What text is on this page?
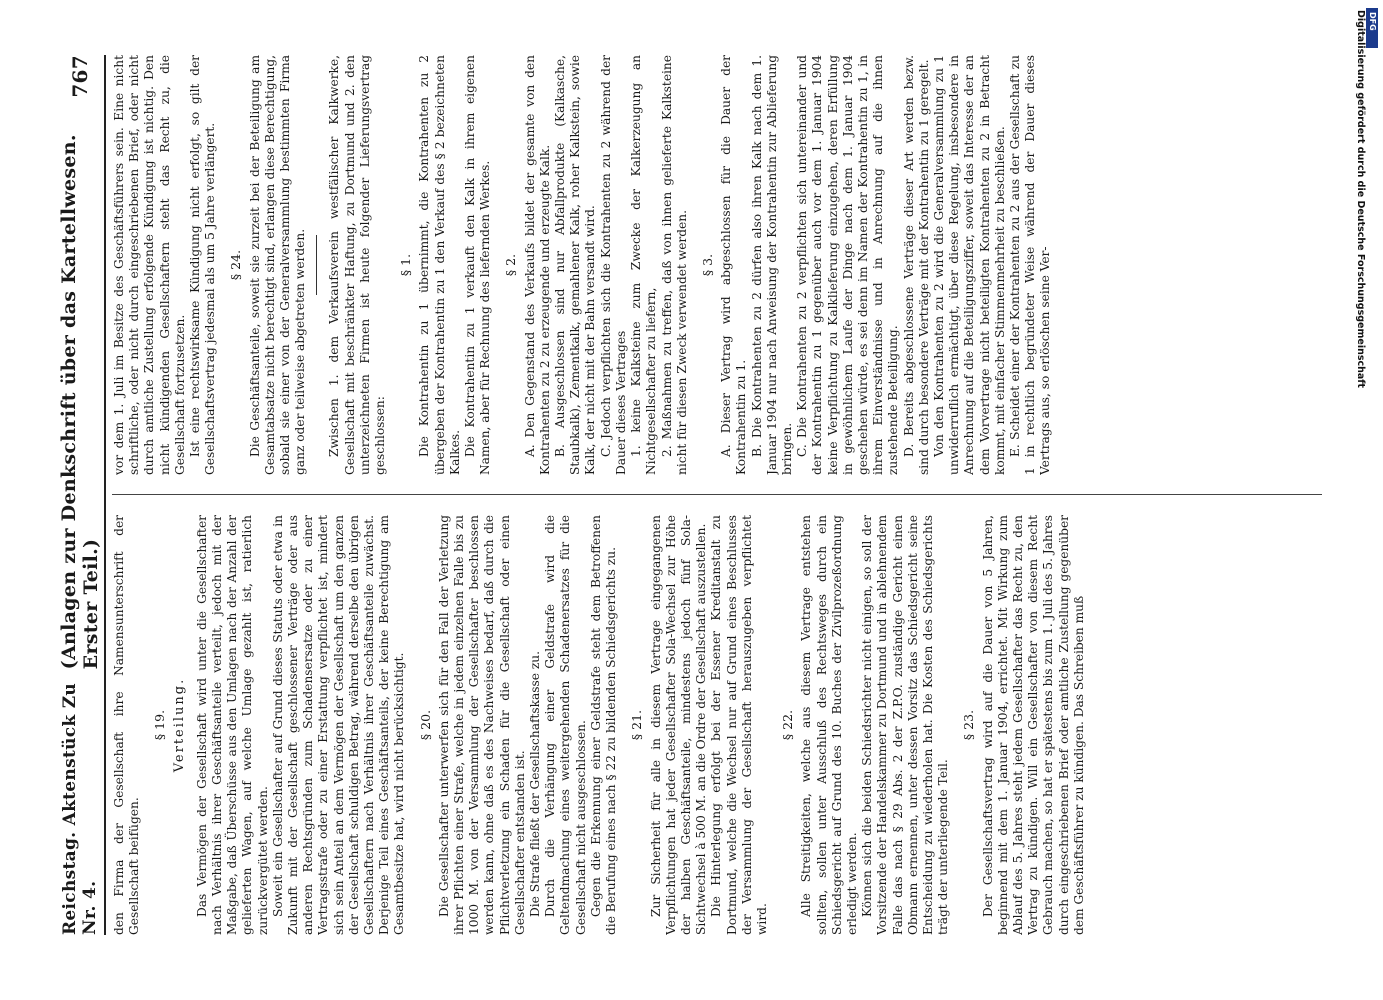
Reichstag. Aktenstück Zu Nr. 4.
(Anlagen zur Denkschrift über das Kartellwesen. Erster Teil.)
767

den Firma der Gesellschaft ihre Namensunterschrift der Gesellschaft beifügen.

§ 19. Verteilung. Das Vermögen der Gesellschaft wird unter die Gesellschafter nach Verhältnis ihrer Geschäftsanteile verteilt, jedoch mit der Maßgabe, daß Überschüsse aus den Umlagen nach der Anzahl der gelieferten Wagen, auf welche Umlage gezahlt ist, ratierlich zurückvergütet werden. Soweit ein Gesellschafter auf Grund dieses Statuts oder etwa in Zukunft mit der Gesellschaft geschlossener Verträge oder aus anderen Rechtsgründen zum Schadensersatze oder zu einer Vertragsstrafe oder zu einer Erstattung verpflichtet ist, mindert sich sein Anteil an dem Vermögen der Gesellschaft um den ganzen der Gesellschaft schuldigen Betrag, während derselbe den übrigen Gesellschaftern nach Verhältnis ihrer Geschäftsanteile zuwächst. Derjenige Teil eines Geschäftsanteils, der keine Berechtigung am Gesamtbesitze hat, wird nicht berücksichtigt. § 20. Die Gesellschafter unterwerfen sich für den Fall der Verletzung ihrer Pflichten einer Strafe, welche in jedem einzelnen Falle bis zu 1000 M. von der Versammlung der Gesellschafter beschlossen werden kann, ohne daß es des Nachweises bedarf, daß durch die Pflichtverletzung ein Schaden für die Gesellschaft oder einen Gesellschafter entstanden ist. Die Strafe fließt der Gesellschaftskasse zu. Durch die Verhängung einer Geldstrafe wird die Geltendmachung eines weitergehenden Schadenersatzes für die Gesellschaft nicht ausgeschlossen. Gegen die Erkennung einer Geldstrafe steht dem Betroffenen die Berufung eines nach § 22 zu bildenden Schiedsgerichts zu. § 21. Zur Sicherheit für alle in diesem Vertrage eingegangenen Verpflichtungen hat jeder Gesellschafter Sola-Wechsel zur Höhe der halben Geschäftsanteile, mindestens jedoch fünf Sola-Sichtwechsel à 500 M. an die Ordre der Gesellschaft auszustellen. Die Hinterlegung erfolgt bei der Essener Kreditanstalt zu Dortmund, welche die Wechsel nur auf Grund eines Beschlusses der Versammlung der Gesellschaft herauszugeben verpflichtet wird.

§ 22. Alle Streitigkeiten, welche aus diesem Vertrage entstehen sollten, sollen unter Ausschluß des Rechtsweges durch ein Schiedsgericht auf Grund des 10. Buches der Zivilprozeßordnung erledigt werden. Können sich die beiden Schiedsrichter nicht einigen, so soll der Vorsitzende der Handelskammer zu Dortmund und in ablehnendem Falle das nach § 29 Abs. 2 der Z.P.O. zuständige Gericht einen Obmann ernennen, unter dessen Vorsitz das Schiedsgericht seine Entscheidung zu wiederholen hat. Die Kosten des Schiedsgerichts trägt der unterliegende Teil.

§ 23. Der Gesellschaftsvertrag wird auf die Dauer von 5 Jahren, beginnend mit dem 1. Januar 1904, errichtet. Mit Wirkung zum Ablauf des 5. Jahres steht jedem Gesellschafter das Recht zu, den Vertrag zu kündigen. Will ein Gesellschafter von diesem Recht Gebrauch machen, so hat er spätestens bis zum 1. Juli des 5. Jahres durch eingeschriebenen Brief oder amtliche Zustellung gegenüber dem Geschäftsführer zu kündigen. Das Schreiben muß

vor dem 1. Juli im Besitze des Geschäftsführers sein. Eine nicht schriftliche, oder nicht durch eingeschriebenen Brief, oder nicht durch amtliche Zustellung erfolgende Kündigung ist nichtig. Den nicht kündigenden Gesellschaftern steht das Recht zu, die Gesellschaft fortzusetzen. Ist eine rechtswirksame Kündigung nicht erfolgt, so gilt der Gesellschaftsvertrag jedesmal als um 5 Jahre verlängert. § 24. Die Geschäftsanteile, soweit sie zurzeit bei der Beteiligung am Gesamtabsatze nicht berechtigt sind, erlangen diese Berechtigung, sobald sie einer von der Generalversammlung bestimmten Firma ganz oder teilweise abgetreten werden. Zwischen 1. dem Verkaufsverein westfälischer Kalkwerke, Gesellschaft mit beschränkter Haftung, zu Dortmund und 2. den unterzeichneten Firmen ist heute folgender Lieferungsvertrag geschlossen:

§ 1. Die Kontrahentin zu 1 übernimmt, die Kontrahenten zu 2 übergeben der Kontrahentin zu 1 den Verkauf des § 2 bezeichneten Kalkes. Die Kontrahentin zu 1 verkauft den Kalk in ihrem eigenen Namen, aber für Rechnung des liefernden Werkes. § 2. A. Den Gegenstand des Verkaufs bildet der gesamte von den Kontrahenten zu 2 zu erzeugende und erzeugte Kalk. B. Ausgeschlossen sind nur Abfallprodukte (Kalkasche, Staubkalk), Zementkalk, gemahlener Kalk, roher Kalkstein, sowie Kalk, der nicht mit der Bahn versandt wird. C. Jedoch verpflichten sich die Kontrahenten zu 2 während der Dauer dieses Vertrages 1. keine Kalksteine zum Zwecke der Kalkerzeugung an Nichtgesellschafter zu liefern, 2. Maßnahmen zu treffen, daß von ihnen gelieferte Kalksteine nicht für diesen Zweck verwendet werden. § 3. A. Dieser Vertrag wird abgeschlossen für die Dauer der Kontrahentin zu 1. B. Die Kontrahenten zu 2 dürfen also ihren Kalk nach dem 1. Januar 1904 nur nach Anweisung der Kontrahentin zur Ablieferung bringen. C. Die Kontrahenten zu 2 verpflichten sich untereinander und der Kontrahentin zu 1 gegenüber auch vor dem 1. Januar 1904 keine Verpflichtung zu Kalklieferung einzugehen, deren Erfüllung in gewöhnlichem Laufe der Dinge nach dem 1. Januar 1904 geschehen würde, es sei denn im Namen der Kontrahentin zu 1, in ihrem Einverständnisse und in Anrechnung auf die ihnen zustehende Beteiligung. D. Bereits abgeschlossene Verträge dieser Art werden bezw. sind durch besondere Verträge mit der Kontrahentin zu 1 geregelt. Von den Kontrahenten zu 2 wird die Generalversammlung zu 1 unwiderruflich ermächtigt, über diese Regelung, insbesondere in Anrechnung auf die Beteiligungsziffer, soweit das Interesse der an dem Vorvertrage nicht beteiligten Kontrahenten zu 2 in Betracht kommt, mit einfacher Stimmenmehrheit zu beschließen. E. Scheidet einer der Kontrahenten zu 2 aus der Gesellschaft zu 1 in rechtlich begründeter Weise während der Dauer dieses Vertrags aus, so erlöschen seine Ver-	Digitalisierung gefördert durch die Deutsche Forschungsgemeinschaft DFG
